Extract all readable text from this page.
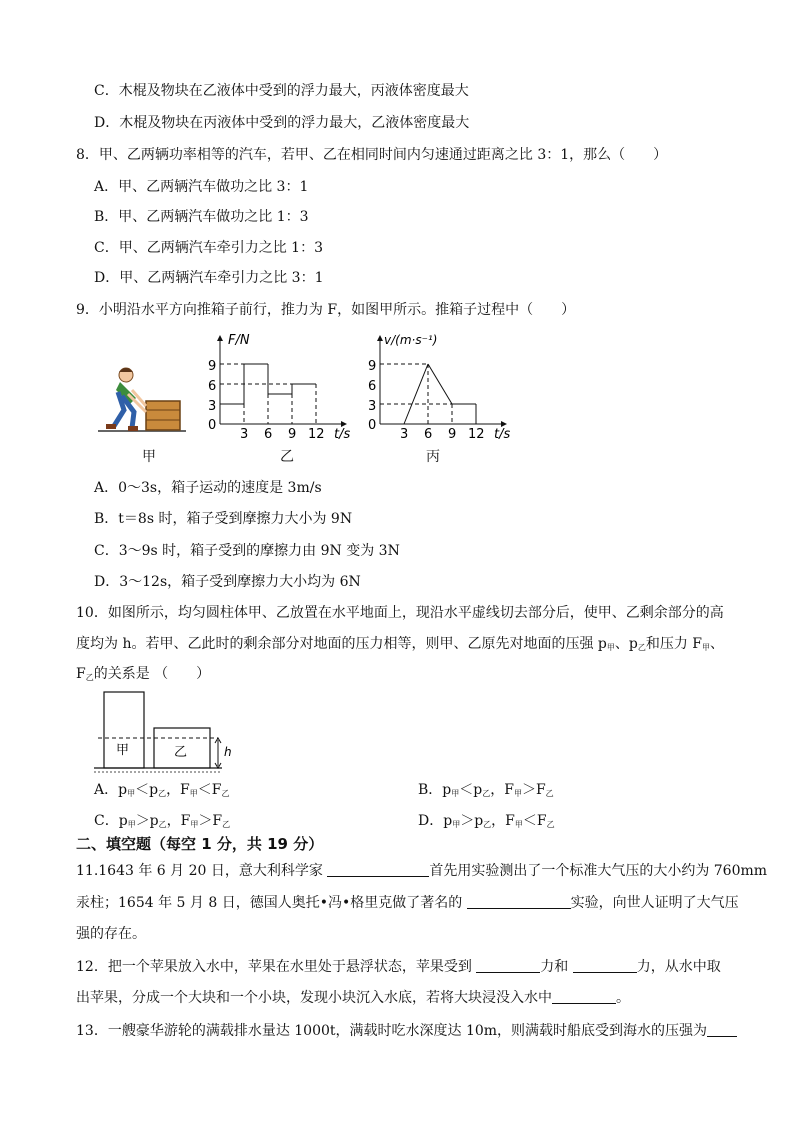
C．木棍及物块在乙液体中受到的浮力最大，丙液体密度最大
D．木棍及物块在丙液体中受到的浮力最大，乙液体密度最大
8．甲、乙两辆功率相等的汽车，若甲、乙在相同时间内匀速通过距离之比 3：1，那么（　　）
A．甲、乙两辆汽车做功之比 3：1
B．甲、乙两辆汽车做功之比 1：3
C．甲、乙两辆汽车牵引力之比 1：3
D．甲、乙两辆汽车牵引力之比 3：1
9．小明沿水平方向推箱子前行，推力为 F，如图甲所示。推箱子过程中（　　）
甲
F/N
t/s
9
6
3
0
3 6 9 12
乙
v/(m·s⁻¹)
t/s
9
6
3
0
3 6 9 12
丙
A．0～3s，箱子运动的速度是 3m/s
B．t＝8s 时，箱子受到摩擦力大小为 9N
C．3～9s 时，箱子受到的摩擦力由 9N 变为 3N
D．3～12s，箱子受到摩擦力大小均为 6N
10．如图所示，均匀圆柱体甲、乙放置在水平地面上，现沿水平虚线切去部分后，使甲、乙剩余部分的高
度均为 h。若甲、乙此时的剩余部分对地面的压力相等，则甲、乙原先对地面的压强 $p_甲$、$p_乙$和压力 $F_甲$、
$F_乙$的关系是 （　　）
甲	乙	h
A．$p_甲<p_乙$，$F_甲<F_乙$	B．$p_甲<p_乙$，$F_甲>F_乙$
C．$p_甲>p_乙$，$F_甲>F_乙$	D．$p_甲>p_乙$，$F_甲<F_乙$
二、填空题（每空 1 分，共 19 分）
11.1643 年 6 月 20 日，意大利科学家	首先用实验测出了一个标准大气压的大小约为 760mm
汞柱；1654 年 5 月 8 日，德国人奥托•冯•格里克做了著名的	实验，向世人证明了大气压
强的存在。
12．把一个苹果放入水中，苹果在水里处于悬浮状态，苹果受到	力和	力，从水中取
出苹果，分成一个大块和一个小块，发现小块沉入水底，若将大块浸没入水中	。
13．一艘豪华游轮的满载排水量达 1000t，满载时吃水深度达 10m，则满载时船底受到海水的压强为
